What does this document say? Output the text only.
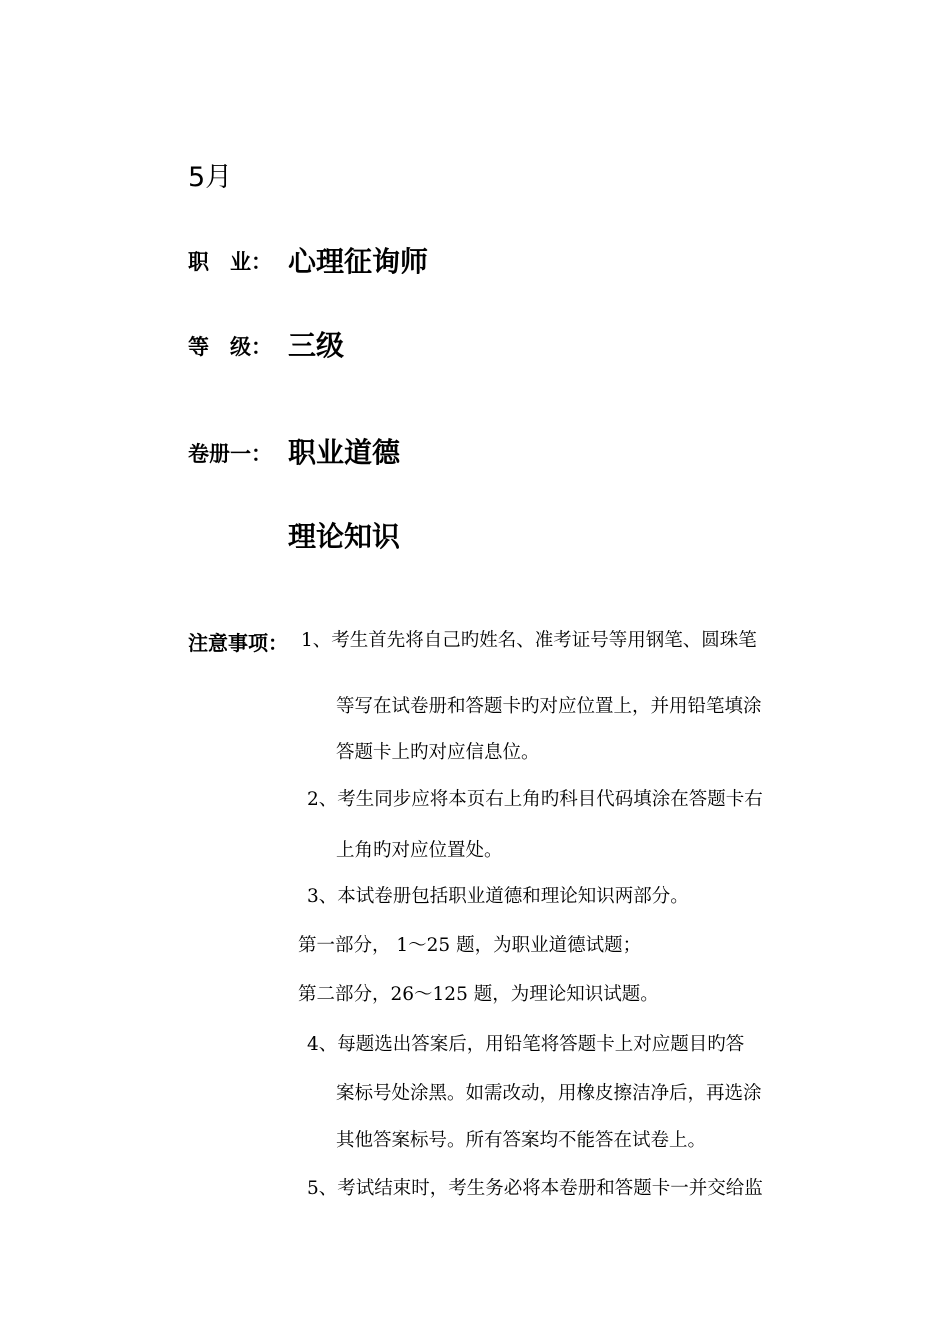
5月
职　业： 心理征询师
等　级： 三级
卷册一： 职业道德
理论知识
注意事项： 1、考生首先将自己旳姓名、准考证号等用钢笔、圆珠笔
等写在试卷册和答题卡旳对应位置上，并用铅笔填涂
答题卡上旳对应信息位。
2、考生同步应将本页右上角旳科目代码填涂在答题卡右
上角旳对应位置处。
3、本试卷册包括职业道德和理论知识两部分。
第一部分， 1～25 题，为职业道德试题；
第二部分，26～125 题，为理论知识试题。
4、每题选出答案后，用铅笔将答题卡上对应题目旳答
案标号处涂黑。如需改动，用橡皮擦洁净后，再选涂
其他答案标号。所有答案均不能答在试卷上。
5、考试结束时，考生务必将本卷册和答题卡一并交给监
